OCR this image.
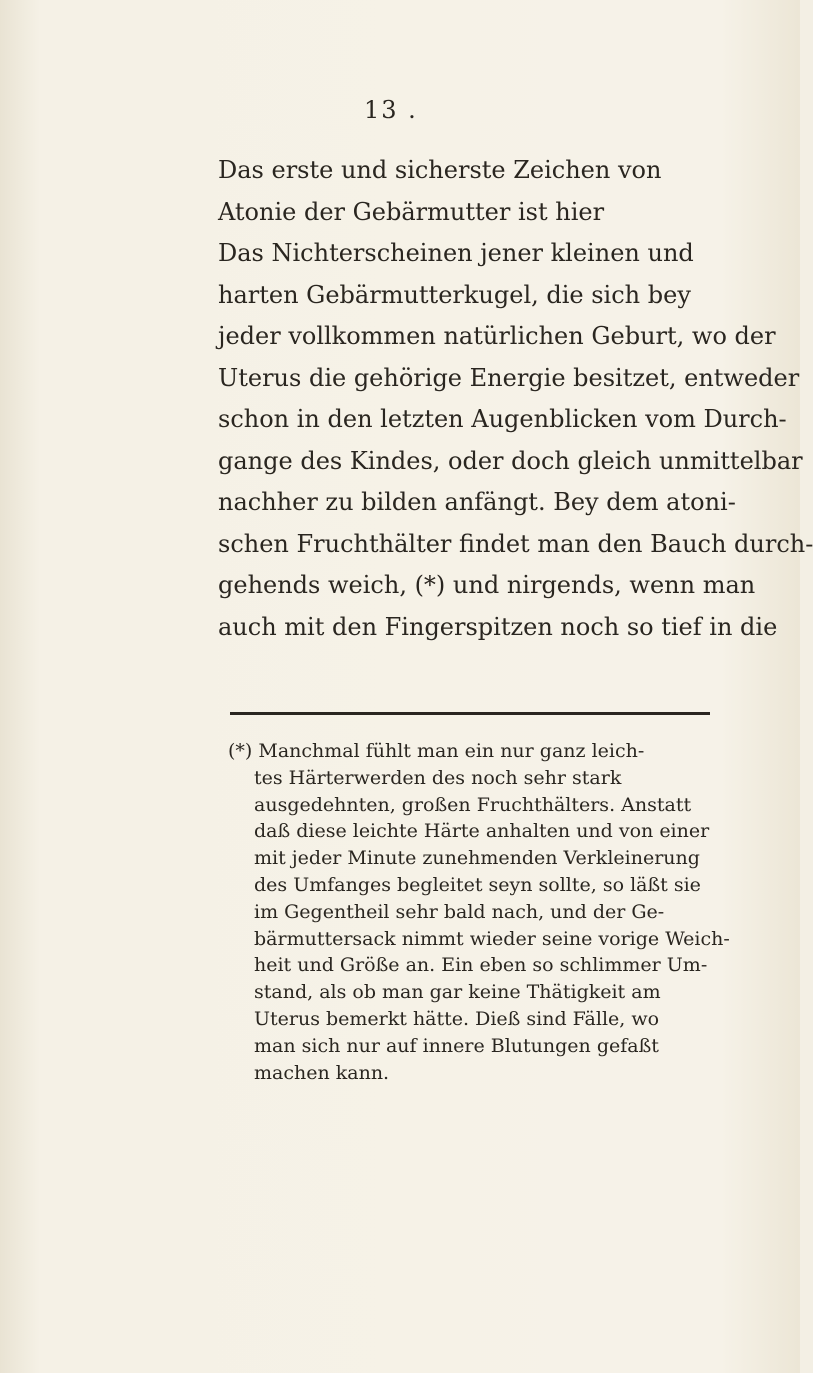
13 .
Das erste und sicherste Zeichen von
Atonie der Gebärmutter ist hier
Das Nichterscheinen jener kleinen und
harten Gebärmutterkugel, die sich bey
jeder vollkommen natürlichen Geburt, wo der
Uterus die gehörige Energie besitzet, entweder
schon in den letzten Augenblicken vom Durch-
gange des Kindes, oder doch gleich unmittelbar
nachher zu bilden anfängt. Bey dem atoni-
schen Fruchthälter findet man den Bauch durch-
gehends weich, (*) und nirgends, wenn man
auch mit den Fingerspitzen noch so tief in die
(*) Manchmal fühlt man ein nur ganz leich-
tes Härterwerden des noch sehr stark
ausgedehnten, großen Fruchthälters. Anstatt
daß diese leichte Härte anhalten und von einer
mit jeder Minute zunehmenden Verkleinerung
des Umfanges begleitet seyn sollte, so läßt sie
im Gegentheil sehr bald nach, und der Ge-
bärmuttersack nimmt wieder seine vorige Weich-
heit und Größe an. Ein eben so schlimmer Um-
stand, als ob man gar keine Thätigkeit am
Uterus bemerkt hätte. Dieß sind Fälle, wo
man sich nur auf innere Blutungen gefaßt
machen kann.
